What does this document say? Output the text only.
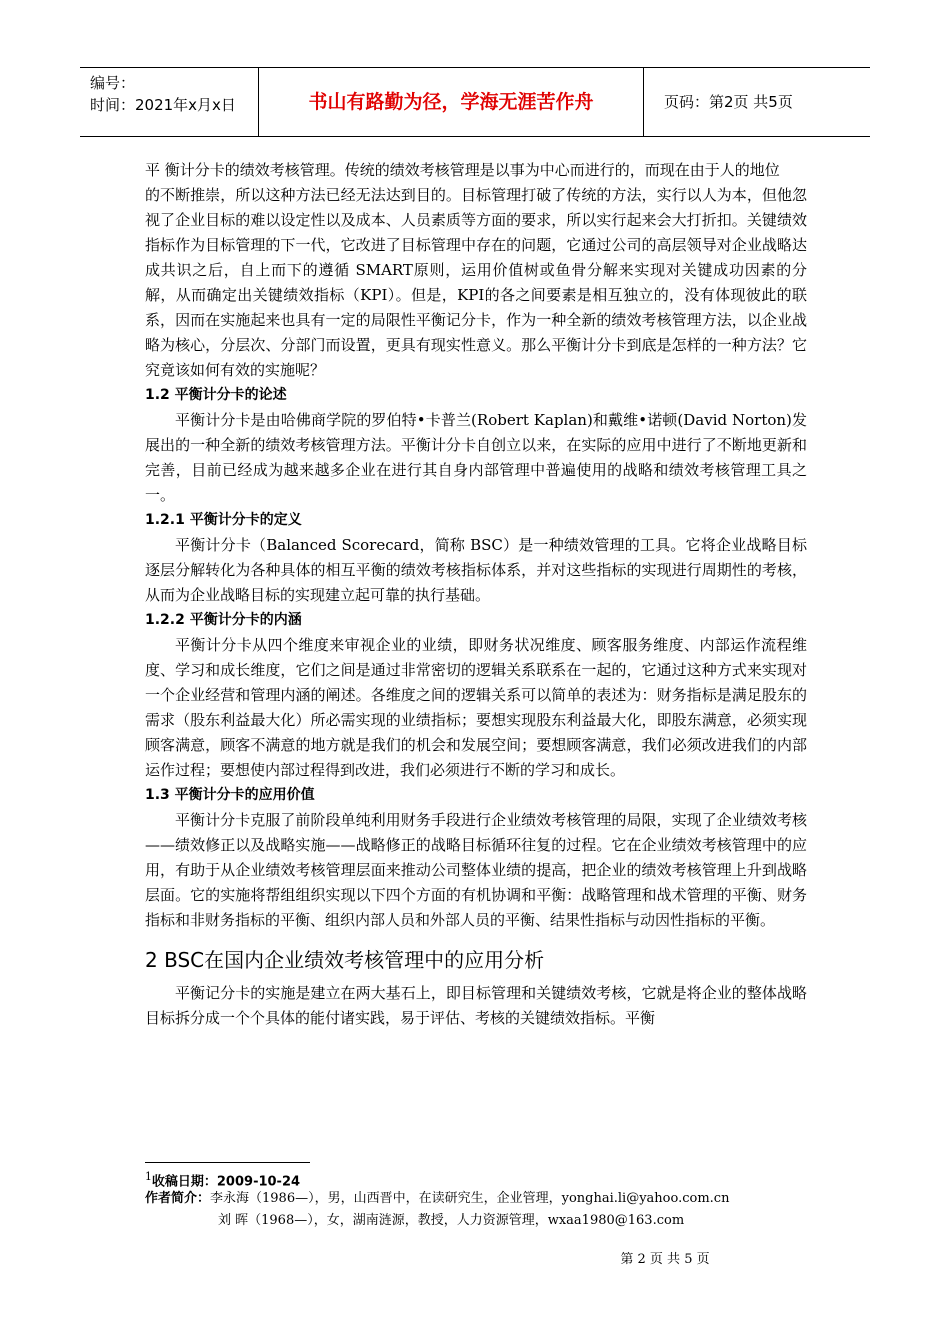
编号：
时间：2021年x月x日	书山有路勤为径，学海无涯苦作舟	页码：第2页 共5页

平 衡计分卡的绩效考核管理。传统的绩效考核管理是以事为中心而进行的，而现在由于人的地位

的不断推崇，所以这种方法已经无法达到目的。目标管理打破了传统的方法，实行以人为本，但他忽视了企业目标的难以设定性以及成本、人员素质等方面的要求，所以实行起来会大打折扣。关键绩效指标作为目标管理的下一代，它改进了目标管理中存在的问题，它通过公司的高层领导对企业战略达成共识之后，自上而下的遵循 SMART原则，运用价值树或鱼骨分解来实现对关键成功因素的分解，从而确定出关键绩效指标（KPI）。但是，KPI的各之间要素是相互独立的，没有体现彼此的联系，因而在实施起来也具有一定的局限性平衡记分卡，作为一种全新的绩效考核管理方法，以企业战略为核心，分层次、分部门而设置，更具有现实性意义。那么平衡计分卡到底是怎样的一种方法？它究竟该如何有效的实施呢？

1.2 平衡计分卡的论述

平衡计分卡是由哈佛商学院的罗伯特•卡普兰(Robert Kaplan)和戴维•诺顿(David Norton)发展出的一种全新的绩效考核管理方法。平衡计分卡自创立以来，在实际的应用中进行了不断地更新和完善，目前已经成为越来越多企业在进行其自身内部管理中普遍使用的战略和绩效考核管理工具之一。

1.2.1 平衡计分卡的定义

平衡计分卡（Balanced Scorecard，简称 BSC）是一种绩效管理的工具。它将企业战略目标逐层分解转化为各种具体的相互平衡的绩效考核指标体系，并对这些指标的实现进行周期性的考核，从而为企业战略目标的实现建立起可靠的执行基础。

1.2.2 平衡计分卡的内涵

平衡计分卡从四个维度来审视企业的业绩，即财务状况维度、顾客服务维度、内部运作流程维度、学习和成长维度，它们之间是通过非常密切的逻辑关系联系在一起的，它通过这种方式来实现对一个企业经营和管理内涵的阐述。各维度之间的逻辑关系可以简单的表述为：财务指标是满足股东的需求（股东利益最大化）所必需实现的业绩指标；要想实现股东利益最大化，即股东满意，必须实现顾客满意，顾客不满意的地方就是我们的机会和发展空间；要想顾客满意，我们必须改进我们的内部运作过程；要想使内部过程得到改进，我们必须进行不断的学习和成长。

1.3 平衡计分卡的应用价值

平衡计分卡克服了前阶段单纯利用财务手段进行企业绩效考核管理的局限，实现了企业绩效考核——绩效修正以及战略实施——战略修正的战略目标循环往复的过程。它在企业绩效考核管理中的应用，有助于从企业绩效考核管理层面来推动公司整体业绩的提高，把企业的绩效考核管理上升到战略层面。它的实施将帮组组织实现以下四个方面的有机协调和平衡：战略管理和战术管理的平衡、财务指标和非财务指标的平衡、组织内部人员和外部人员的平衡、结果性指标与动因性指标的平衡。

2 BSC在国内企业绩效考核管理中的应用分析

平衡记分卡的实施是建立在两大基石上，即目标管理和关键绩效考核，它就是将企业的整体战略目标拆分成一个个具体的能付诸实践，易于评估、考核的关键绩效指标。平衡

$^1$收稿日期：2009-10-24
作者简介：李永海（1986—），男，山西晋中，在读研究生，企业管理，yonghai.li@yahoo.com.cn
刘 晖（1968—），女，湖南涟源，教授，人力资源管理，wxaa1980@163.com
第 2 页 共 5 页
